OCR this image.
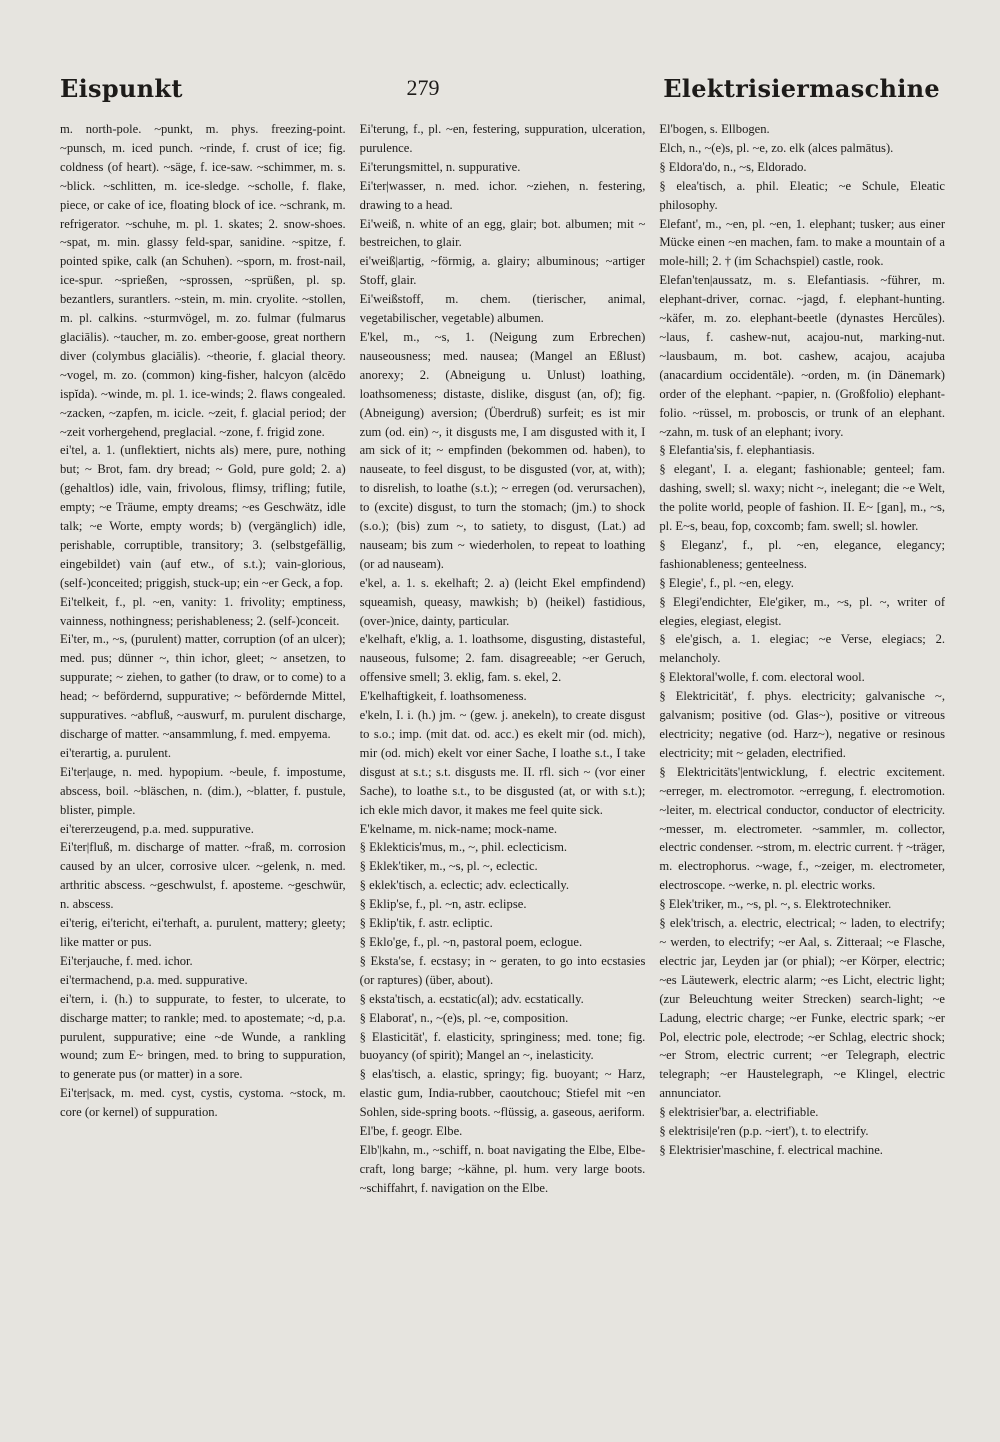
Eispunkt	279	Elektrisiermaschine

m. north-pole. ~punkt, m. phys. freezing-point. ~punsch, m. iced punch. ~rinde, f. crust of ice; fig. coldness (of heart). ~säge, f. ice-saw. ~schimmer, m. s. ~blick. ~schlitten, m. ice-sledge. ~scholle, f. flake, piece, or cake of ice, floating block of ice. ~schrank, m. refrigerator. ~schuhe, m. pl. 1. skates; 2. snow-shoes. ~spat, m. min. glassy feld-spar, sanidine. ~spitze, f. pointed spike, calk (an Schuhen). ~sporn, m. frost-nail, ice-spur. ~sprießen, ~sprossen, ~sprüßen, pl. sp. bezantlers, surantlers. ~stein, m. min. cryolite. ~stollen, m. pl. calkins. ~sturmvögel, m. zo. fulmar (fulmarus glaciālis). ~taucher, m. zo. ember-goose, great northern diver (colymbus glaciālis). ~theorie, f. glacial theory. ~vogel, m. zo. (common) king-fisher, halcyon (alcēdo ispĭda). ~winde, m. pl. 1. ice-winds; 2. flaws congealed. ~zacken, ~zapfen, m. icicle. ~zeit, f. glacial period; der ~zeit vorhergehend, preglacial. ~zone, f. frigid zone.

ei'tel, a. 1. (unflektiert, nichts als) mere, pure, nothing but; ~ Brot, fam. dry bread; ~ Gold, pure gold; 2. a) (gehaltlos) idle, vain, frivolous, flimsy, trifling; futile, empty; ~e Träume, empty dreams; ~es Geschwätz, idle talk; ~e Worte, empty words; b) (vergänglich) idle, perishable, corruptible, transitory; 3. (selbstgefällig, eingebildet) vain (auf etw., of s.t.); vain-glorious, (self-)conceited; priggish, stuck-up; ein ~er Geck, a fop.

Ei'telkeit, f., pl. ~en, vanity: 1. frivolity; emptiness, vainness, nothingness; perishableness; 2. (self-)conceit.

Ei'ter, m., ~s, (purulent) matter, corruption (of an ulcer); med. pus; dünner ~, thin ichor, gleet; ~ ansetzen, to suppurate; ~ ziehen, to gather (to draw, or to come) to a head; ~ befördernd, suppurative; ~ befördernde Mittel, suppuratives. ~abfluß, ~auswurf, m. purulent discharge, discharge of matter. ~ansammlung, f. med. empyema.

ei'terartig, a. purulent.

Ei'ter|auge, n. med. hypopium. ~beule, f. impostume, abscess, boil. ~bläschen, n. (dim.), ~blatter, f. pustule, blister, pimple.

ei'tererzeugend, p.a. med. suppurative.

Ei'ter|fluß, m. discharge of matter. ~fraß, m. corrosion caused by an ulcer, corrosive ulcer. ~gelenk, n. med. arthritic abscess. ~geschwulst, f. aposteme. ~geschwür, n. abscess.

ei'terig, ei'tericht, ei'terhaft, a. purulent, mattery; gleety; like matter or pus.

Ei'terjauche, f. med. ichor.

ei'termachend, p.a. med. suppurative.

ei'tern, i. (h.) to suppurate, to fester, to ulcerate, to discharge matter; to rankle; med. to apostemate; ~d, p.a. purulent, suppurative; eine ~de Wunde, a rankling wound; zum E~ bringen, med. to bring to suppuration, to generate pus (or matter) in a sore.

Ei'ter|sack, m. med. cyst, cystis, cystoma. ~stock, m. core (or kernel) of suppuration.

Ei'terung, f., pl. ~en, festering, suppuration, ulceration, purulence.

Ei'terungsmittel, n. suppurative.

Ei'ter|wasser, n. med. ichor. ~ziehen, n. festering, drawing to a head.

Ei'weiß, n. white of an egg, glair; bot. albumen; mit ~ bestreichen, to glair.

ei'weiß|artig, ~förmig, a. glairy; albuminous; ~artiger Stoff, glair.

Ei'weißstoff, m. chem. (tierischer, animal, vegetabilischer, vegetable) albumen.

E'kel, m., ~s, 1. (Neigung zum Erbrechen) nauseousness; med. nausea; (Mangel an Eßlust) anorexy; 2. (Abneigung u. Unlust) loathing, loathsomeness; distaste, dislike, disgust (an, of); fig. (Abneigung) aversion; (Überdruß) surfeit; es ist mir zum (od. ein) ~, it disgusts me, I am disgusted with it, I am sick of it; ~ empfinden (bekommen od. haben), to nauseate, to feel disgust, to be disgusted (vor, at, with); to disrelish, to loathe (s.t.); ~ erregen (od. verursachen), to (excite) disgust, to turn the stomach; (jm.) to shock (s.o.); (bis) zum ~, to satiety, to disgust, (Lat.) ad nauseam; bis zum ~ wiederholen, to repeat to loathing (or ad nauseam).

e'kel, a. 1. s. ekelhaft; 2. a) (leicht Ekel empfindend) squeamish, queasy, mawkish; b) (heikel) fastidious, (over-)nice, dainty, particular.

e'kelhaft, e'klig, a. 1. loathsome, disgusting, distasteful, nauseous, fulsome; 2. fam. disagreeable; ~er Geruch, offensive smell; 3. eklig, fam. s. ekel, 2.

E'kelhaftigkeit, f. loathsomeness.

e'keln, I. i. (h.) jm. ~ (gew. j. anekeln), to create disgust to s.o.; imp. (mit dat. od. acc.) es ekelt mir (od. mich), mir (od. mich) ekelt vor einer Sache, I loathe s.t., I take disgust at s.t.; s.t. disgusts me. II. rfl. sich ~ (vor einer Sache), to loathe s.t., to be disgusted (at, or with s.t.); ich ekle mich davor, it makes me feel quite sick.

E'kelname, m. nick-name; mock-name.

§ Eklekticis'mus, m., ~, phil. eclecticism.

§ Eklek'tiker, m., ~s, pl. ~, eclectic.

§ eklek'tisch, a. eclectic; adv. eclectically.

§ Eklip'se, f., pl. ~n, astr. eclipse.

§ Eklip'tik, f. astr. ecliptic.

§ Eklo'ge, f., pl. ~n, pastoral poem, eclogue.

§ Eksta'se, f. ecstasy; in ~ geraten, to go into ecstasies (or raptures) (über, about).

§ eksta'tisch, a. ecstatic(al); adv. ecstatically.

§ Elaborat', n., ~(e)s, pl. ~e, composition.

§ Elasticität', f. elasticity, springiness; med. tone; fig. buoyancy (of spirit); Mangel an ~, inelasticity.

§ elas'tisch, a. elastic, springy; fig. buoyant; ~ Harz, elastic gum, India-rubber, caoutchouc; Stiefel mit ~en Sohlen, side-spring boots. ~flüssig, a. gaseous, aeriform.

El'be, f. geogr. Elbe.

Elb'|kahn, m., ~schiff, n. boat navigating the Elbe, Elbe-craft, long barge; ~kähne, pl. hum. very large boots. ~schiffahrt, f. navigation on the Elbe.

El'bogen, s. Ellbogen.

Elch, n., ~(e)s, pl. ~e, zo. elk (alces palmātus).

§ Eldora'do, n., ~s, Eldorado.

§ elea'tisch, a. phil. Eleatic; ~e Schule, Eleatic philosophy.

Elefant', m., ~en, pl. ~en, 1. elephant; tusker; aus einer Mücke einen ~en machen, fam. to make a mountain of a mole-hill; 2. † (im Schachspiel) castle, rook.

Elefan'ten|aussatz, m. s. Elefantiasis. ~führer, m. elephant-driver, cornac. ~jagd, f. elephant-hunting. ~käfer, m. zo. elephant-beetle (dynastes Hercŭles). ~laus, f. cashew-nut, acajou-nut, marking-nut. ~lausbaum, m. bot. cashew, acajou, acajuba (anacardium occidentāle). ~orden, m. (in Dänemark) order of the elephant. ~papier, n. (Großfolio) elephant-folio. ~rüssel, m. proboscis, or trunk of an elephant. ~zahn, m. tusk of an elephant; ivory.

§ Elefantia'sis, f. elephantiasis.

§ elegant', I. a. elegant; fashionable; genteel; fam. dashing, swell; sl. waxy; nicht ~, inelegant; die ~e Welt, the polite world, people of fashion. II. E~ [gan], m., ~s, pl. E~s, beau, fop, coxcomb; fam. swell; sl. howler.

§ Eleganz', f., pl. ~en, elegance, elegancy; fashionableness; genteelness.

§ Elegie', f., pl. ~en, elegy.

§ Elegi'endichter, Ele'giker, m., ~s, pl. ~, writer of elegies, elegiast, elegist.

§ ele'gisch, a. 1. elegiac; ~e Verse, elegiacs; 2. melancholy.

§ Elektoral'wolle, f. com. electoral wool.

§ Elektricität', f. phys. electricity; galvanische ~, galvanism; positive (od. Glas~), positive or vitreous electricity; negative (od. Harz~), negative or resinous electricity; mit ~ geladen, electrified.

§ Elektricitäts'|entwicklung, f. electric excitement. ~erreger, m. electromotor. ~erregung, f. electromotion. ~leiter, m. electrical conductor, conductor of electricity. ~messer, m. electrometer. ~sammler, m. collector, electric condenser. ~strom, m. electric current. † ~träger, m. electrophorus. ~wage, f., ~zeiger, m. electrometer, electroscope. ~werke, n. pl. electric works.

§ Elek'triker, m., ~s, pl. ~, s. Elektrotechniker.

§ elek'trisch, a. electric, electrical; ~ laden, to electrify; ~ werden, to electrify; ~er Aal, s. Zitteraal; ~e Flasche, electric jar, Leyden jar (or phial); ~er Körper, electric; ~es Läutewerk, electric alarm; ~es Licht, electric light; (zur Beleuchtung weiter Strecken) search-light; ~e Ladung, electric charge; ~er Funke, electric spark; ~er Pol, electric pole, electrode; ~er Schlag, electric shock; ~er Strom, electric current; ~er Telegraph, electric telegraph; ~er Haustelegraph, ~e Klingel, electric annunciator.

§ elektrisier'bar, a. electrifiable.

§ elektrisi|e'ren (p.p. ~iert'), t. to electrify.

§ Elektrisier'maschine, f. electrical machine.
